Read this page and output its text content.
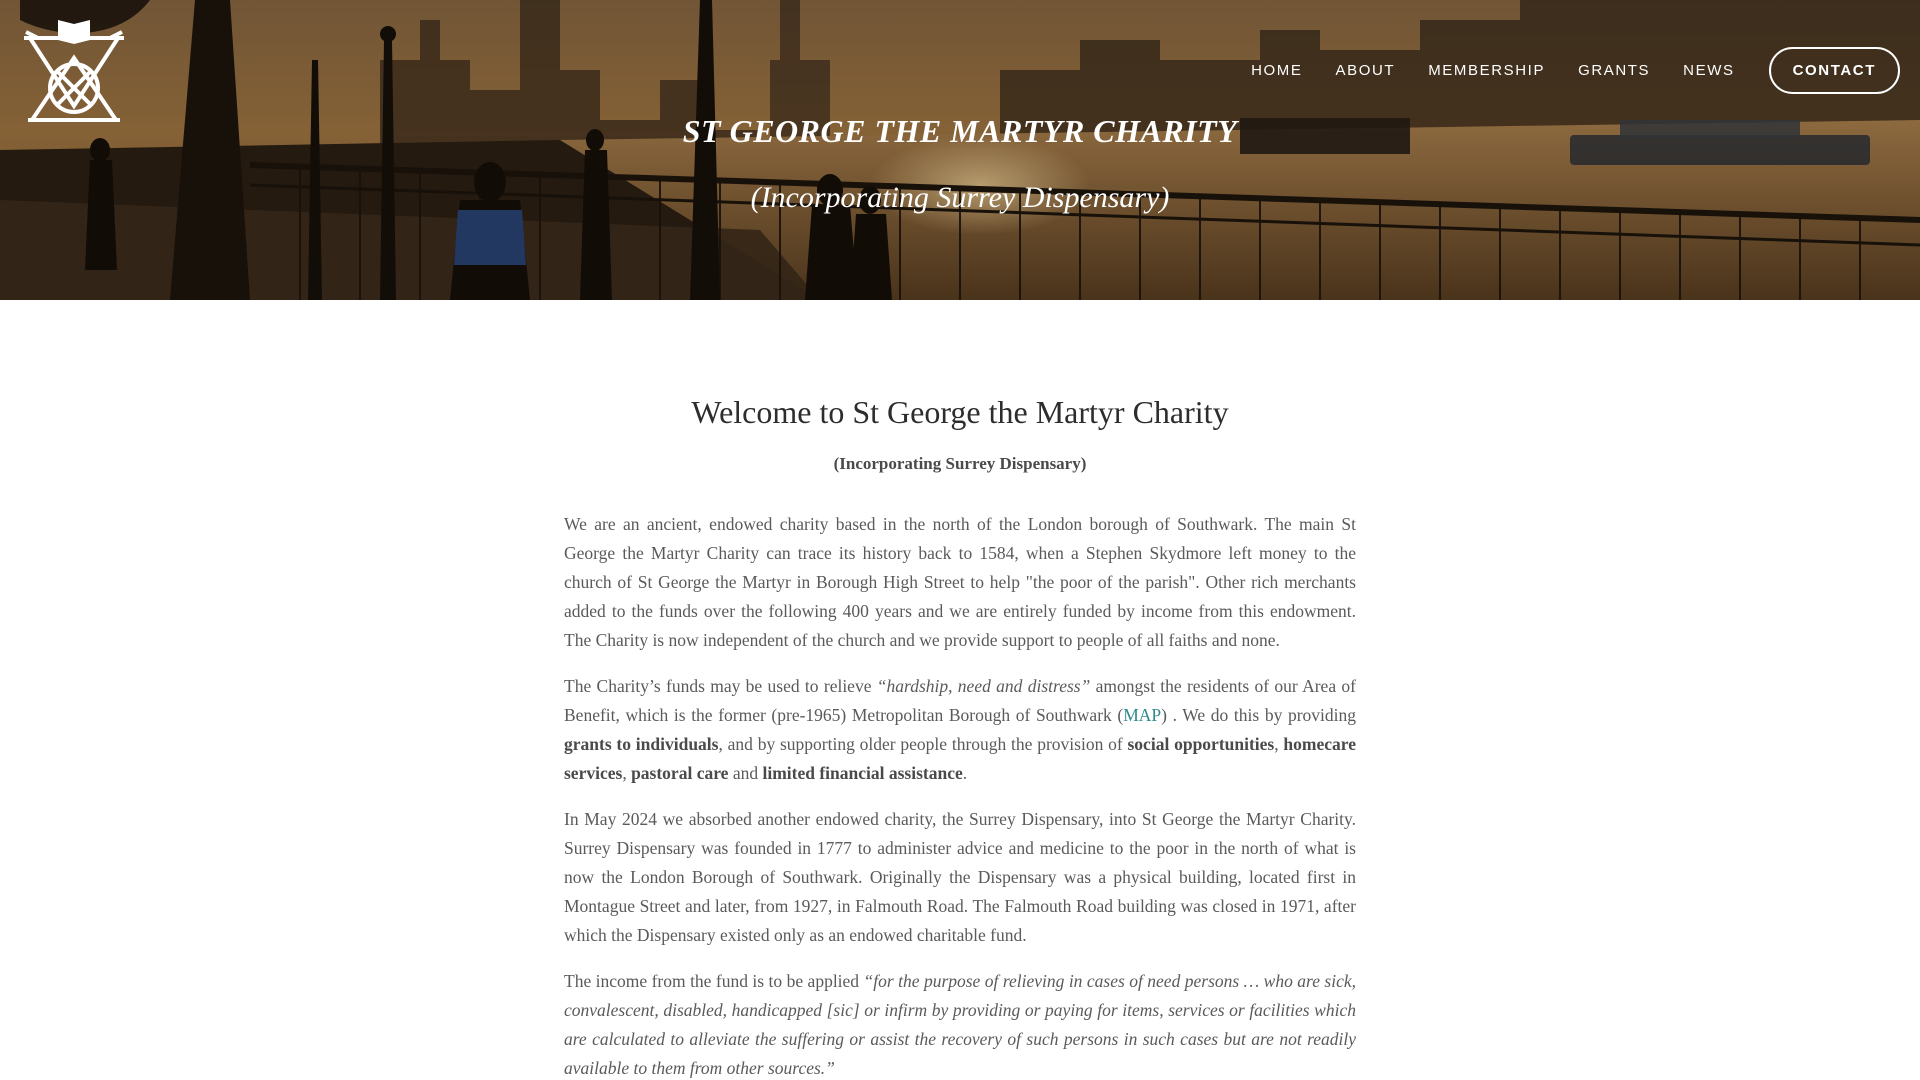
HOME ABOUT MEMBERSHIP GRANTS NEWS	CONTACT
ST GEORGE THE MARTYR CHARITY
(Incorporating Surrey Dispensary)
Welcome to St George the Martyr Charity
(Incorporating Surrey Dispensary)

We are an ancient, endowed charity based in the north of the London borough of Southwark. The main St George the Martyr Charity can trace its history back to 1584, when a Stephen Skydmore left money to the church of St George the Martyr in Borough High Street to help "the poor of the parish". Other rich merchants added to the funds over the following 400 years and we are entirely funded by income from this endowment. The Charity is now independent of the church and we provide support to people of all faiths and none.

The Charity’s funds may be used to relieve “hardship, need and distress” amongst the residents of our Area of Benefit, which is the former (pre-1965) Metropolitan Borough of Southwark (MAP) . We do this by providing grants to individuals, and by supporting older people through the provision of social opportunities, homecare services, pastoral care and limited financial assistance.

In May 2024 we absorbed another endowed charity, the Surrey Dispensary, into St George the Martyr Charity. Surrey Dispensary was founded in 1777 to administer advice and medicine to the poor in the north of what is now the London Borough of Southwark. Originally the Dispensary was a physical building, located first in Montague Street and later, from 1927, in Falmouth Road. The Falmouth Road building was closed in 1971, after which the Dispensary existed only as an endowed charitable fund.

The income from the fund is to be applied “for the purpose of relieving in cases of need persons … who are sick, convalescent, disabled, handicapped [sic] or infirm by providing or paying for items, services or facilities which are calculated to alleviate the suffering or assist the recovery of such persons in such cases but are not readily available to them from other sources.”
